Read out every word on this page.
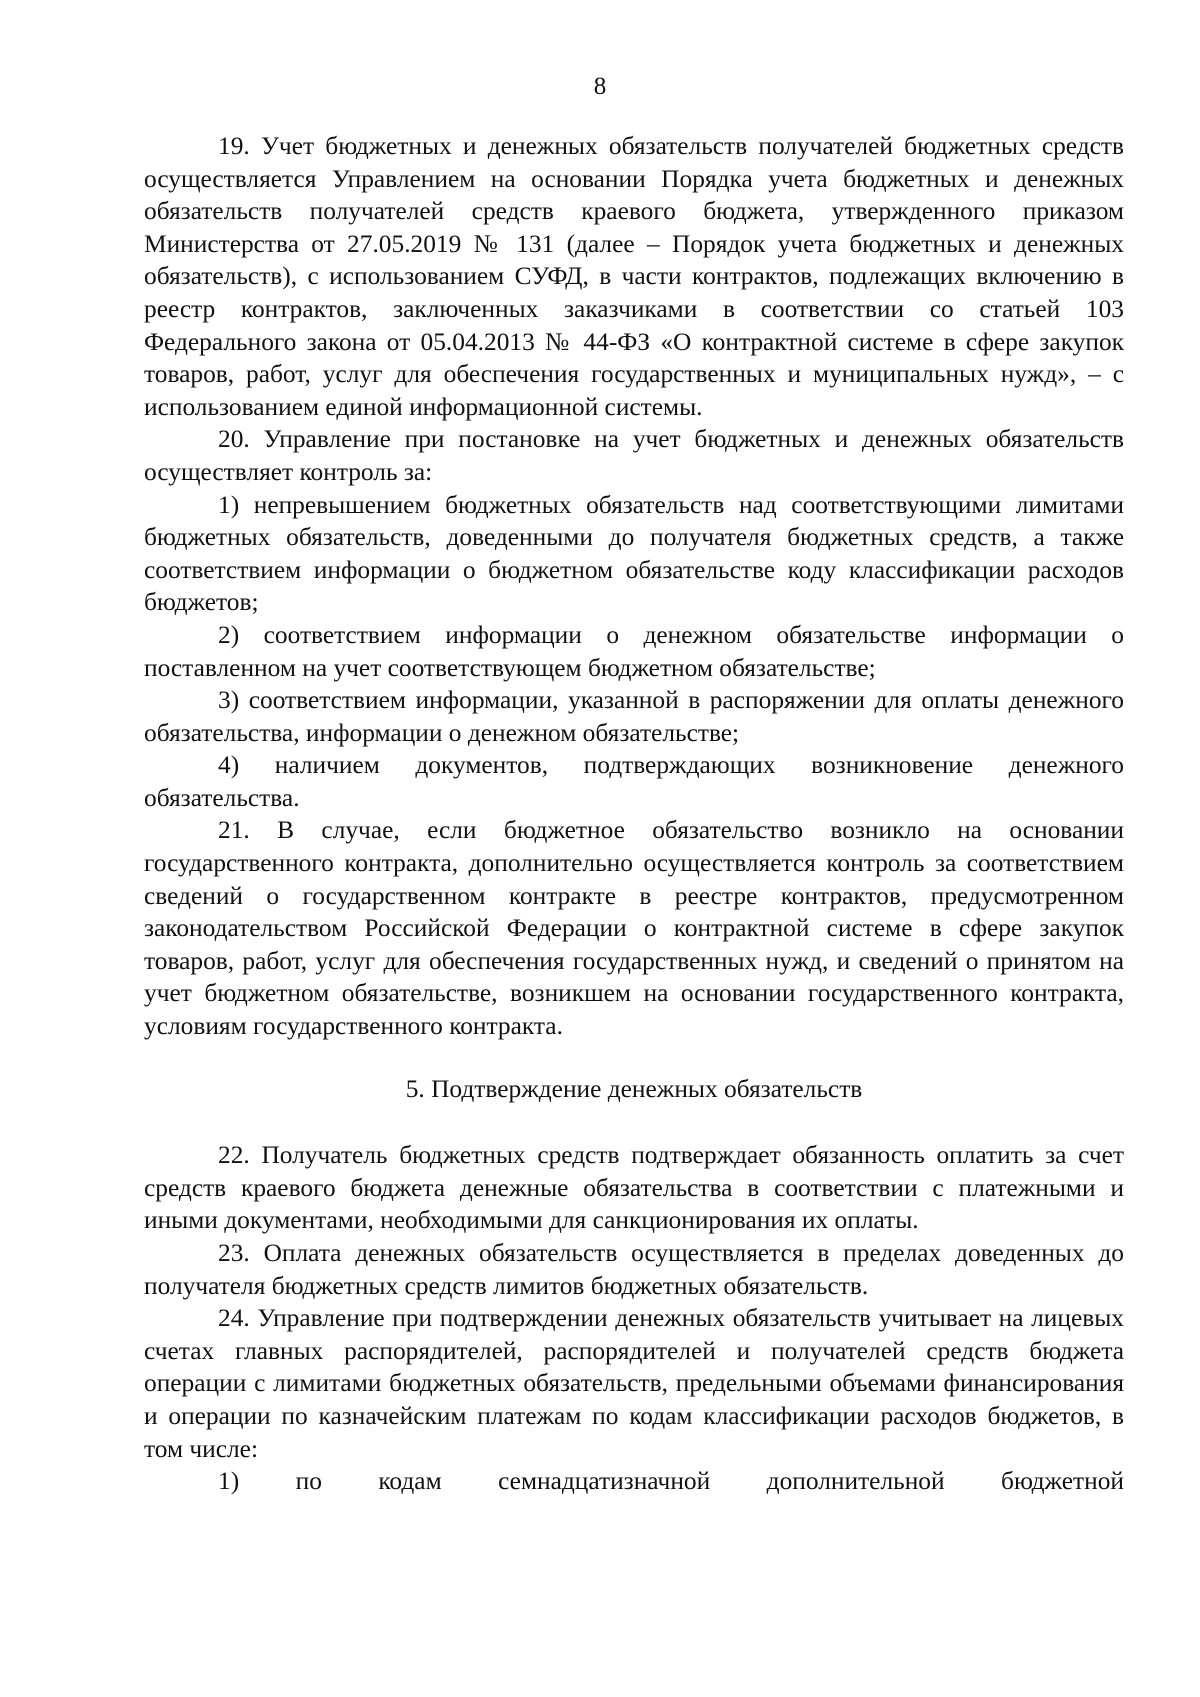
8

19. Учет бюджетных и денежных обязательств получателей бюджетных средств осуществляется Управлением на основании Порядка учета бюджетных и денежных обязательств получателей средств краевого бюджета, утвержденного приказом Министерства от 27.05.2019 № 131 (далее – Порядок учета бюджетных и денежных обязательств), с использованием СУФД, в части контрактов, подлежащих включению в реестр контрактов, заключенных заказчиками в соответствии со статьей 103 Федерального закона от 05.04.2013 № 44-ФЗ «О контрактной системе в сфере закупок товаров, работ, услуг для обеспечения государственных и муниципальных нужд», – с использованием единой информационной системы.

20. Управление при постановке на учет бюджетных и денежных обязательств осуществляет контроль за:

1) непревышением бюджетных обязательств над соответствующими лимитами бюджетных обязательств, доведенными до получателя бюджетных средств, а также соответствием информации о бюджетном обязательстве коду классификации расходов бюджетов;

2) соответствием информации о денежном обязательстве информации о поставленном на учет соответствующем бюджетном обязательстве;

3) соответствием информации, указанной в распоряжении для оплаты денежного обязательства, информации о денежном обязательстве;

4) наличием документов, подтверждающих возникновение денежного обязательства.

21. В случае, если бюджетное обязательство возникло на основании государственного контракта, дополнительно осуществляется контроль за соответствием сведений о государственном контракте в реестре контрактов, предусмотренном законодательством Российской Федерации о контрактной системе в сфере закупок товаров, работ, услуг для обеспечения государственных нужд, и сведений о принятом на учет бюджетном обязательстве, возникшем на основании государственного контракта, условиям государственного контракта.

5. Подтверждение денежных обязательств

22. Получатель бюджетных средств подтверждает обязанность оплатить за счет средств краевого бюджета денежные обязательства в соответствии с платежными и иными документами, необходимыми для санкционирования их оплаты.

23. Оплата денежных обязательств осуществляется в пределах доведенных до получателя бюджетных средств лимитов бюджетных обязательств.

24. Управление при подтверждении денежных обязательств учитывает на лицевых счетах главных распорядителей, распорядителей и получателей средств бюджета операции с лимитами бюджетных обязательств, предельными объемами финансирования и операции по казначейским платежам по кодам классификации расходов бюджетов, в том числе:

1) по кодам семнадцатизначной дополнительной бюджетной
